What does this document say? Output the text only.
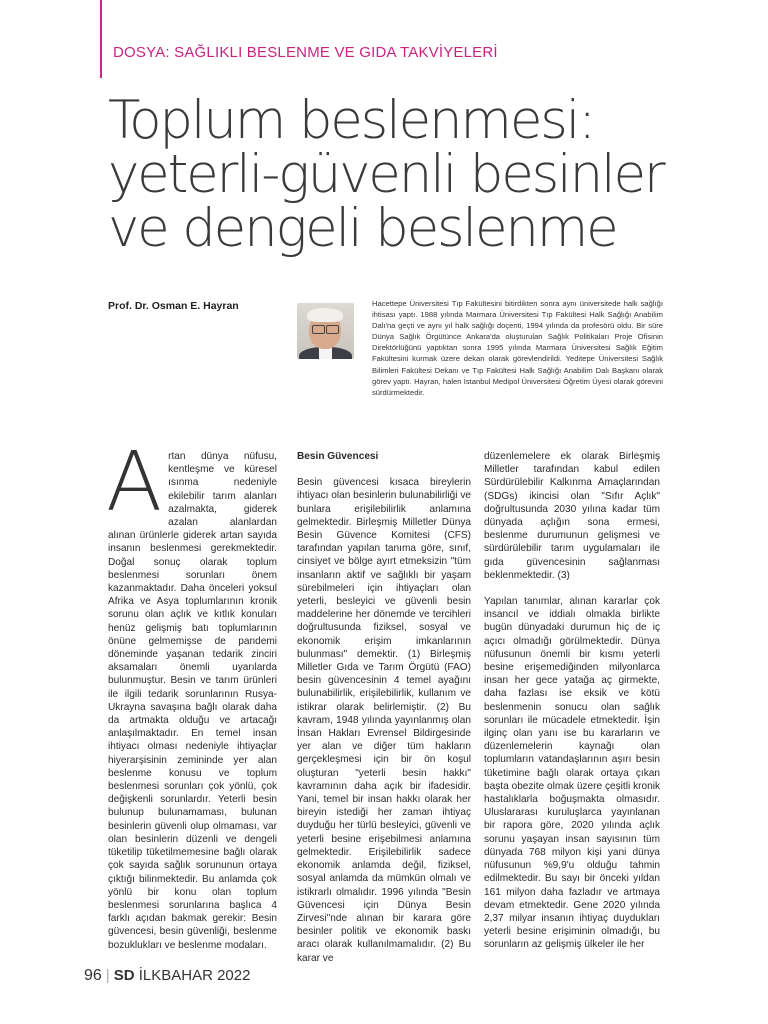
DOSYA: SAĞLIKLI BESLENME VE GIDA TAKVİYELERİ
Toplum beslenmesi:
yeterli-güvenli besinler
ve dengeli beslenme
Prof. Dr. Osman E. Hayran	Hacettepe Üniversitesi Tıp Fakültesini bitirdikten sonra aynı üniversitede halk sağlığı ihtisası yaptı. 1988 yılında Marmara Üniversitesi Tıp Fakültesi Halk Sağlığı Anabilim Dalı'na geçti ve aynı yıl halk sağlığı doçenti, 1994 yılında da profesörü oldu. Bir süre Dünya Sağlık Örgütünce Ankara'da oluşturulan Sağlık Politikaları Proje Ofisinin Direktörlüğünü yaptıktan sonra 1995 yılında Marmara Üniversitesi Sağlık Eğitim Fakültesini kurmak üzere dekan olarak görevlendirildi. Yeditepe Üniversitesi Sağlık Bilimleri Fakültesi Dekanı ve Tıp Fakültesi Halk Sağlığı Anabilim Dalı Başkanı olarak görev yaptı. Hayran, halen İstanbul Medipol Üniversitesi Öğretim Üyesi olarak görevini sürdürmektedir.
A rtan dünya nüfusu, kentleşme ve küresel ısınma nedeniyle ekilebilir tarım alanları azalmakta, giderek azalan alanlardan alınan ürünlerle giderek artan sayıda insanın beslenmesi gerekmektedir. Doğal sonuç olarak toplum beslenmesi sorunları önem kazanmaktadır. Daha önceleri yoksul Afrika ve Asya toplumlarının kronik sorunu olan açlık ve kıtlık konuları henüz gelişmiş batı toplumlarının önüne gelmemişse de pandemi döneminde yaşanan tedarik zinciri aksamaları önemli uyarılarda bulunmuştur. Besin ve tarım ürünleri ile ilgili tedarik sorunlarının Rusya-Ukrayna savaşına bağlı olarak daha da artmakta olduğu ve artacağı anlaşılmaktadır. En temel insan ihtiyacı olması nedeniyle ihtiyaçlar hiyerarşisinin zemininde yer alan beslenme konusu ve toplum beslenmesi sorunları çok yönlü, çok değişkenli sorunlardır. Yeterli besin bulunup bulunamaması, bulunan besinlerin güvenli olup olmaması, var olan besinlerin düzenli ve dengeli tüketilip tüketilmemesine bağlı olarak çok sayıda sağlık sorununun ortaya çıktığı bilinmektedir. Bu anlamda çok yönlü bir konu olan toplum beslenmesi sorunlarına başlıca 4 farklı açıdan bakmak gerekir: Besin güvencesi, besin güvenliği, beslenme bozuklukları ve beslenme modaları.

Besin Güvencesi

Besin güvencesi kısaca bireylerin ihtiyacı olan besinlerin bulunabilirliği ve bunlara erişilebilirlik anlamına gelmektedir. Birleşmiş Milletler Dünya Besin Güvence Komitesi (CFS) tarafından yapılan tanıma göre, sınıf, cinsiyet ve bölge ayırt etmeksizin "tüm insanların aktif ve sağlıklı bir yaşam sürebilmeleri için ihtiyaçları olan yeterli, besleyici ve güvenli besin maddelerine her dönemde ve tercihleri doğrultusunda fiziksel, sosyal ve ekonomik erişim imkanlarının bulunması" demektir. (1) Birleşmiş Milletler Gıda ve Tarım Örgütü (FAO) besin güvencesinin 4 temel ayağını bulunabilirlik, erişilebilirlik, kullanım ve istikrar olarak belirlemiştir. (2) Bu kavram, 1948 yılında yayınlanmış olan İnsan Hakları Evrensel Bildirgesinde yer alan ve diğer tüm hakların gerçekleşmesi için bir ön koşul oluşturan "yeterli besin hakkı" kavramının daha açık bir ifadesidir. Yani, temel bir insan hakkı olarak her bireyin istediği her zaman ihtiyaç duyduğu her türlü besleyici, güvenli ve yeterli besine erişebilmesi anlamına gelmektedir. Erişilebilirlik sadece ekonomik anlamda değil, fiziksel, sosyal anlamda da mümkün olmalı ve istikrarlı olmalıdır. 1996 yılında "Besin Güvencesi için Dünya Besin Zirvesi"nde alınan bir karara göre besinler politik ve ekonomik baskı aracı olarak kullanılmamalıdır. (2) Bu karar ve

düzenlemelere ek olarak Birleşmiş Milletler tarafından kabul edilen Sürdürülebilir Kalkınma Amaçlarından (SDGs) ikincisi olan "Sıfır Açlık" doğrultusunda 2030 yılına kadar tüm dünyada açlığın sona ermesi, beslenme durumunun gelişmesi ve sürdürülebilir tarım uygulamaları ile gıda güvencesinin sağlanması beklenmektedir. (3)

Yapılan tanımlar, alınan kararlar çok insancıl ve iddialı olmakla birlikte bugün dünyadaki durumun hiç de iç açıcı olmadığı görülmektedir. Dünya nüfusunun önemli bir kısmı yeterli besine erişemediğinden milyonlarca insan her gece yatağa aç girmekte, daha fazlası ise eksik ve kötü beslenmenin sonucu olan sağlık sorunları ile mücadele etmektedir. İşin ilginç olan yanı ise bu kararların ve düzenlemelerin kaynağı olan toplumların vatandaşlarının aşırı besin tüketimine bağlı olarak ortaya çıkan başta obezite olmak üzere çeşitli kronik hastalıklarla boğuşmakta olmasıdır. Uluslararası kuruluşlarca yayınlanan bir rapora göre, 2020 yılında açlık sorunu yaşayan insan sayısının tüm dünyada 768 milyon kişi yani dünya nüfusunun %9,9'u olduğu tahmin edilmektedir. Bu sayı bir önceki yıldan 161 milyon daha fazladır ve artmaya devam etmektedir. Gene 2020 yılında 2,37 milyar insanın ihtiyaç duydukları yeterli besine erişiminin olmadığı, bu sorunların az gelişmiş ülkeler ile her

96 | SD İLKBAHAR 2022
